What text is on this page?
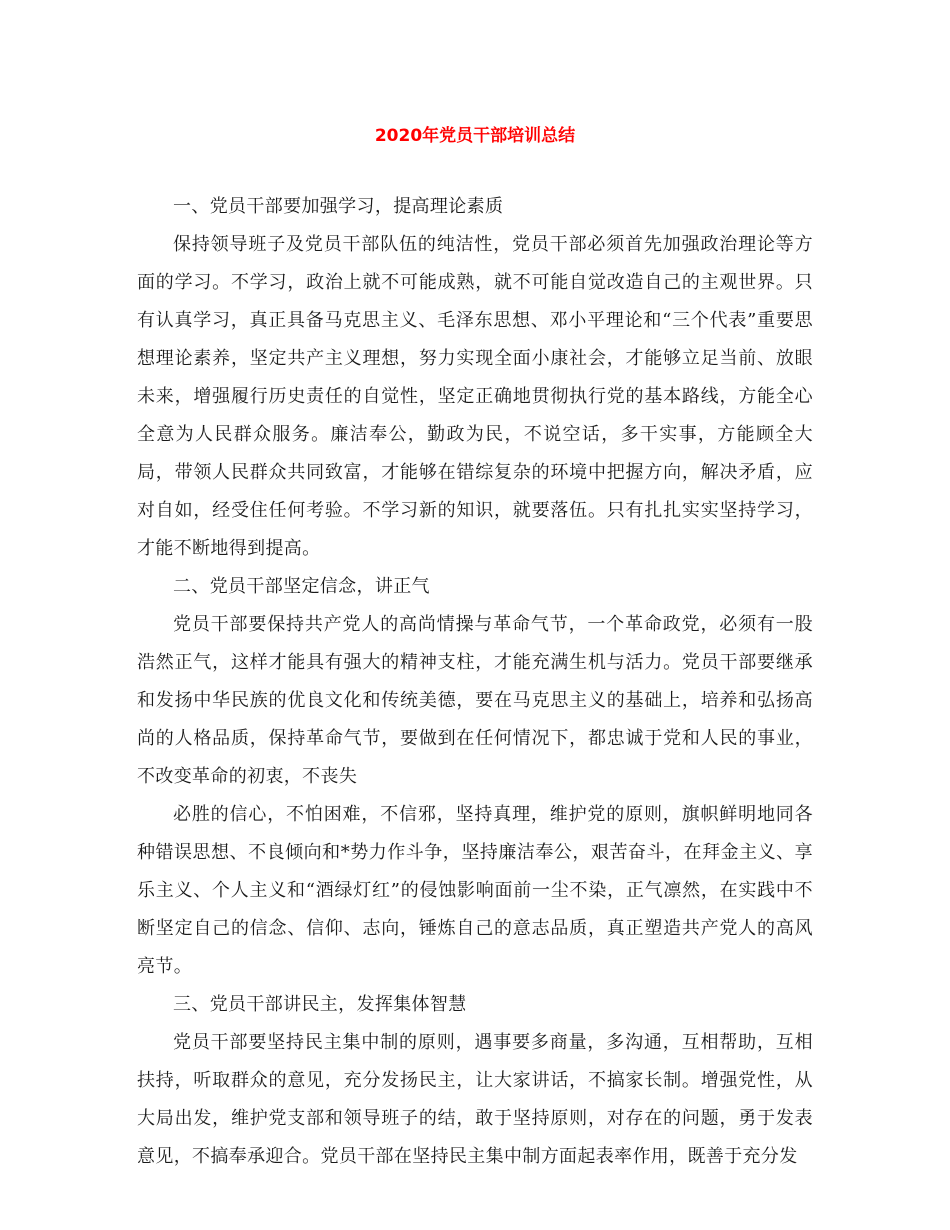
2020年党员干部培训总结

一、党员干部要加强学习，提高理论素质

保持领导班子及党员干部队伍的纯洁性，党员干部必须首先加强政治理论等方面的学习。不学习，政治上就不可能成熟，就不可能自觉改造自己的主观世界。只有认真学习，真正具备马克思主义、毛泽东思想、邓小平理论和“三个代表”重要思想理论素养，坚定共产主义理想，努力实现全面小康社会，才能够立足当前、放眼未来，增强履行历史责任的自觉性，坚定正确地贯彻执行党的基本路线，方能全心全意为人民群众服务。廉洁奉公，勤政为民，不说空话，多干实事，方能顾全大局，带领人民群众共同致富，才能够在错综复杂的环境中把握方向，解决矛盾，应对自如，经受住任何考验。不学习新的知识，就要落伍。只有扎扎实实坚持学习，才能不断地得到提高。

二、党员干部坚定信念，讲正气

党员干部要保持共产党人的高尚情操与革命气节，一个革命政党，必须有一股浩然正气，这样才能具有强大的精神支柱，才能充满生机与活力。党员干部要继承和发扬中华民族的优良文化和传统美德，要在马克思主义的基础上，培养和弘扬高尚的人格品质，保持革命气节，要做到在任何情况下，都忠诚于党和人民的事业，不改变革命的初衷，不丧失

必胜的信心，不怕困难，不信邪，坚持真理，维护党的原则，旗帜鲜明地同各种错误思想、不良倾向和*势力作斗争，坚持廉洁奉公，艰苦奋斗，在拜金主义、享乐主义、个人主义和“酒绿灯红”的侵蚀影响面前一尘不染，正气凛然，在实践中不断坚定自己的信念、信仰、志向，锤炼自己的意志品质，真正塑造共产党人的高风亮节。

三、党员干部讲民主，发挥集体智慧

党员干部要坚持民主集中制的原则，遇事要多商量，多沟通，互相帮助，互相扶持，听取群众的意见，充分发扬民主，让大家讲话，不搞家长制。增强党性，从大局出发，维护党支部和领导班子的结，敢于坚持原则，对存在的问题，勇于发表意见，不搞奉承迎合。党员干部在坚持民主集中制方面起表率作用，既善于充分发
